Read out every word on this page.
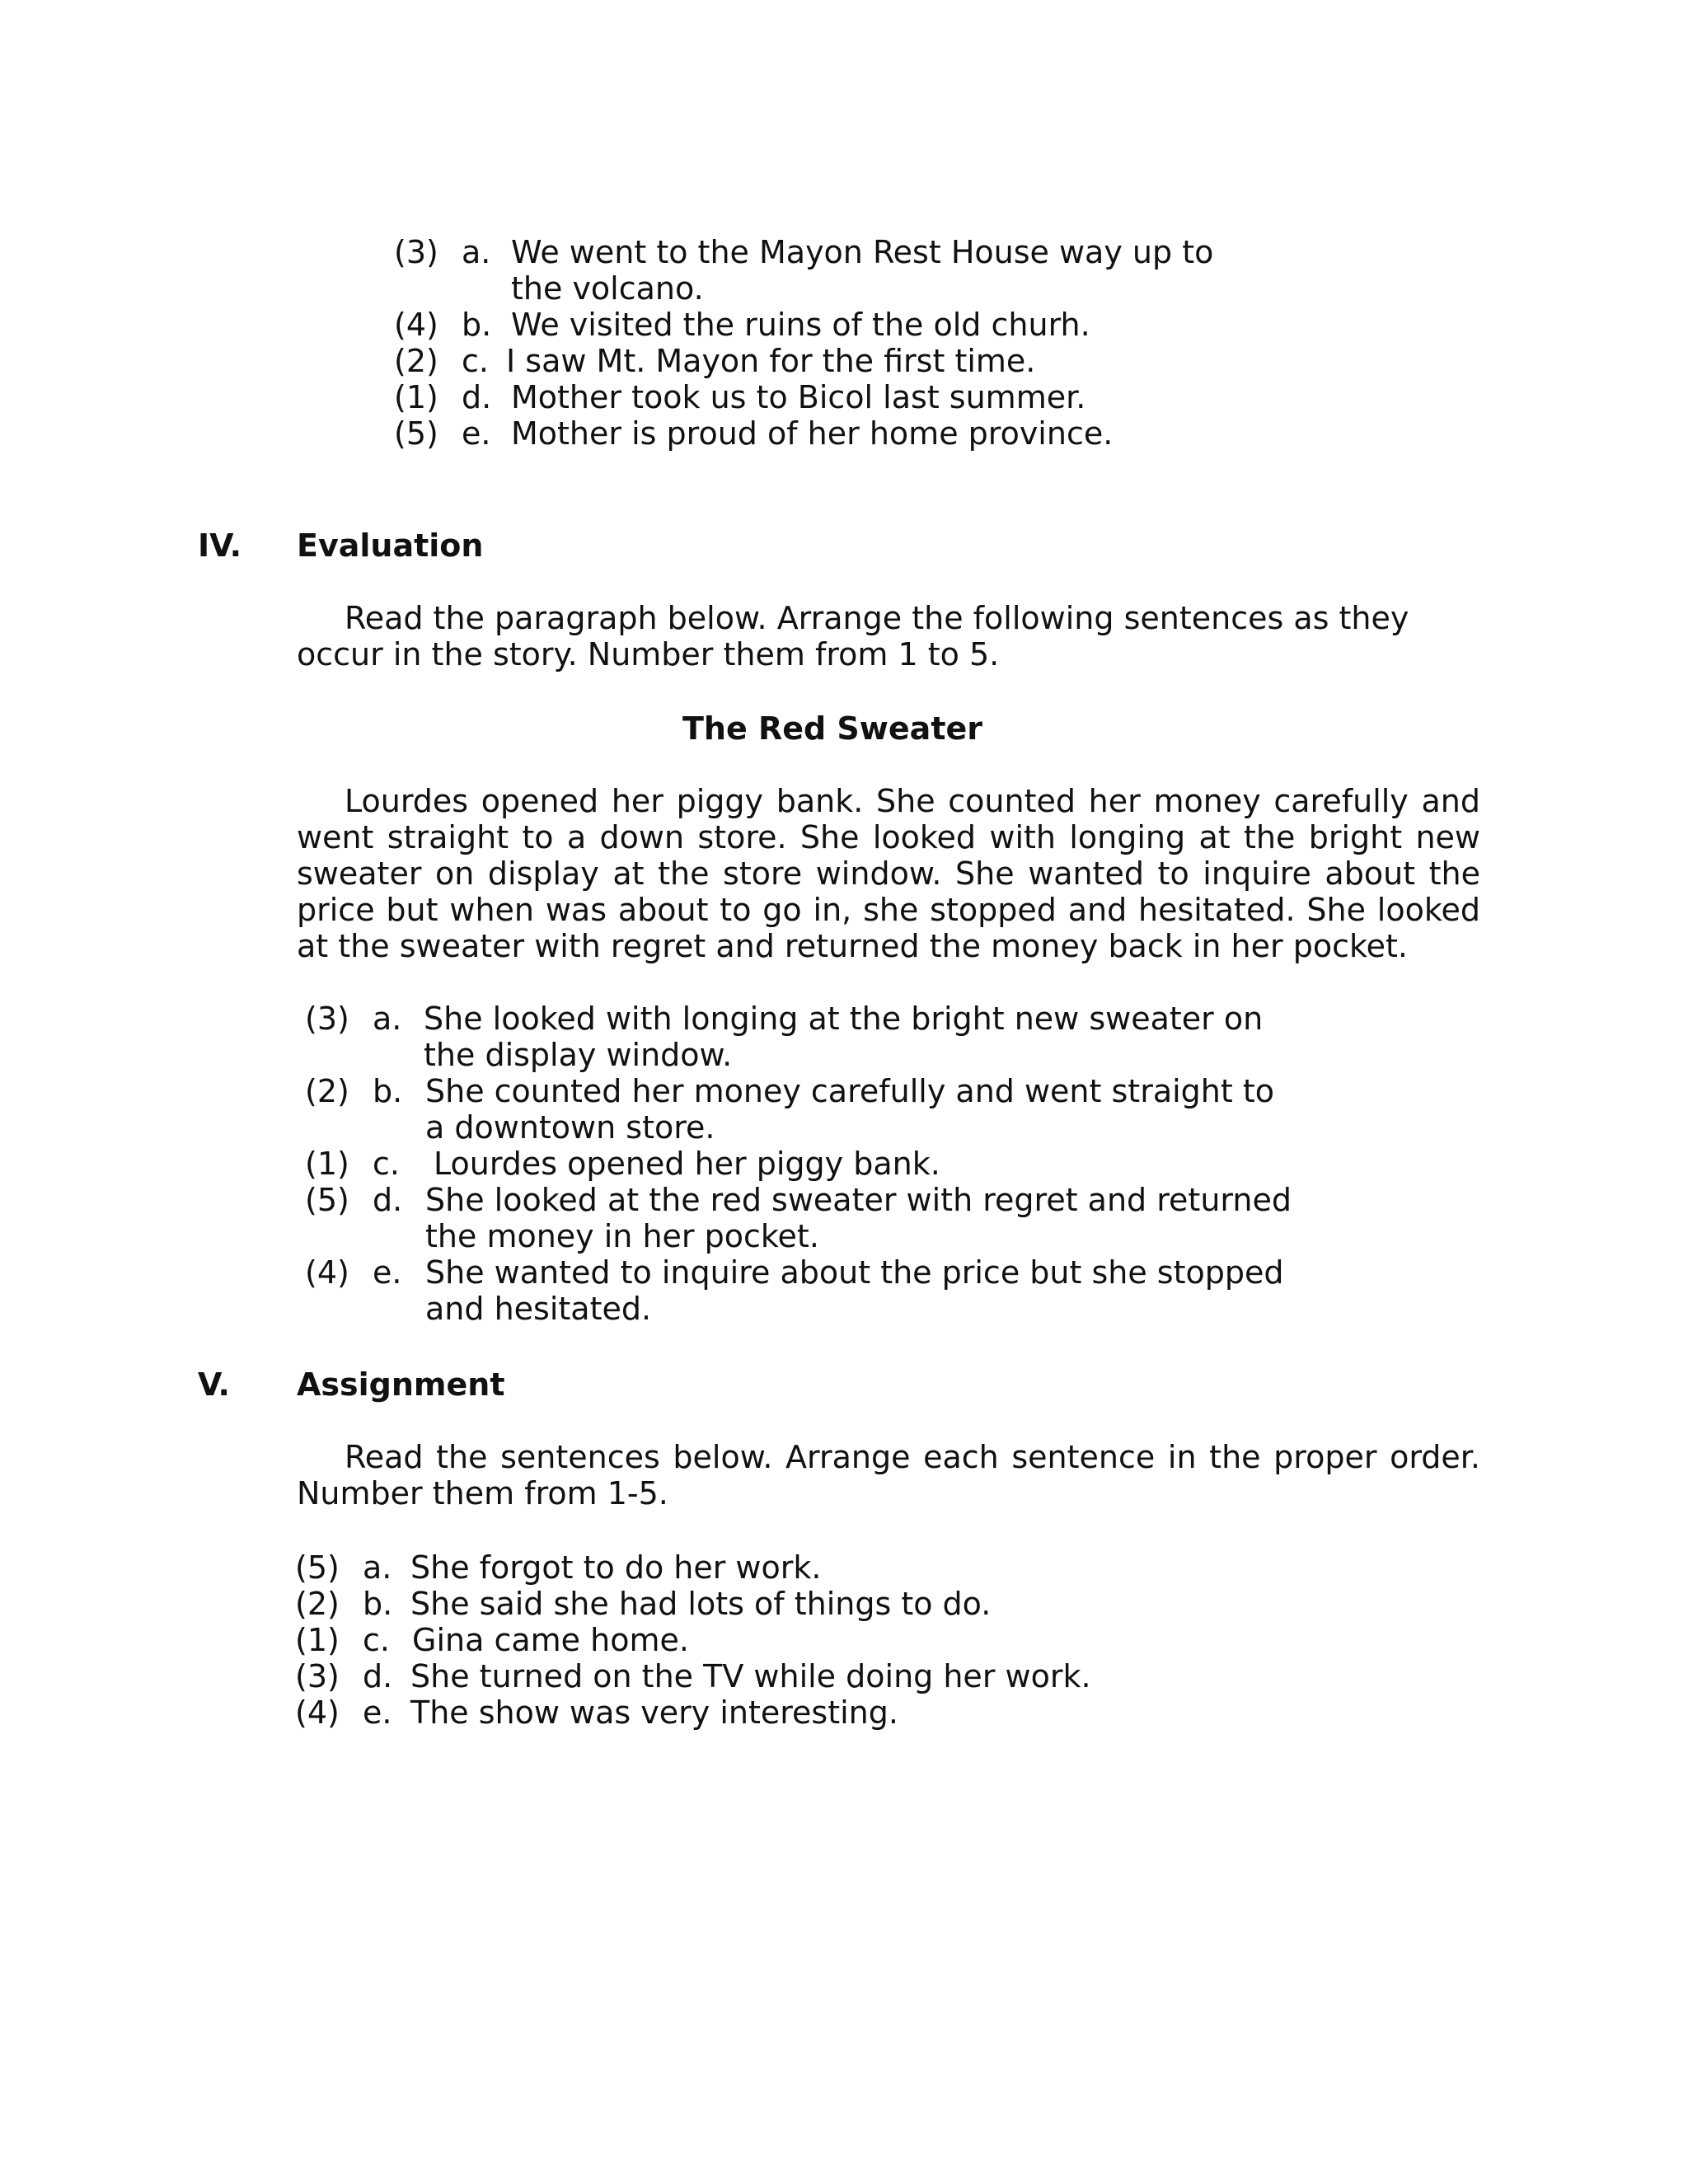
(3) a. We went to the Mayon Rest House way up to the volcano.
(4) b. We visited the ruins of the old churh.
(2) c. I saw Mt. Mayon for the first time.
(1) d. Mother took us to Bicol last summer.
(5) e. Mother is proud of her home province.
IV. Evaluation
Read the paragraph below. Arrange the following sentences as they occur in the story. Number them from 1 to 5.
The Red Sweater
Lourdes opened her piggy bank. She counted her money carefully and went straight to a down store. She looked with longing at the bright new sweater on display at the store window. She wanted to inquire about the price but when was about to go in, she stopped and hesitated. She looked at the sweater with regret and returned the money back in her pocket.
(3) a. She looked with longing at the bright new sweater on the display window.
(2) b. She counted her money carefully and went straight to a downtown store.
(1) c. Lourdes opened her piggy bank.
(5) d. She looked at the red sweater with regret and returned the money in her pocket.
(4) e. She wanted to inquire about the price but she stopped and hesitated.
V. Assignment
Read the sentences below. Arrange each sentence in the proper order. Number them from 1-5.
(5) a. She forgot to do her work.
(2) b. She said she had lots of things to do.
(1) c. Gina came home.
(3) d. She turned on the TV while doing her work.
(4) e. The show was very interesting.
